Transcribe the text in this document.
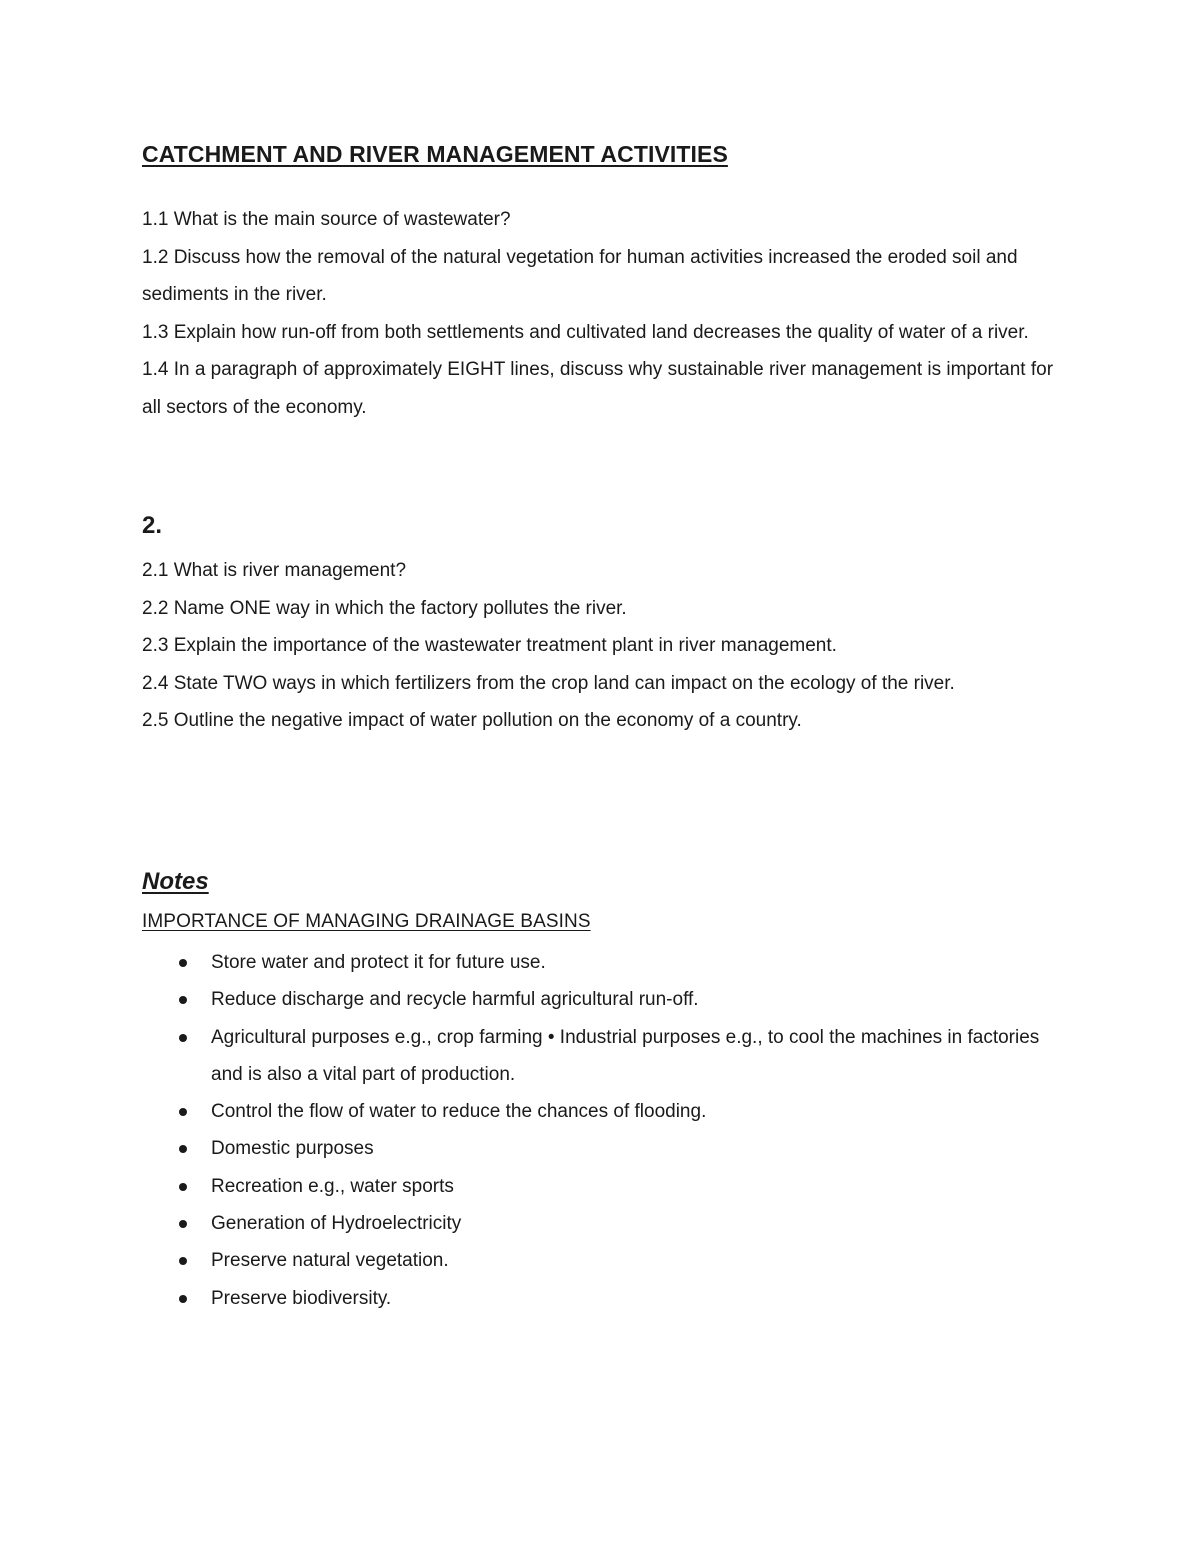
CATCHMENT AND RIVER MANAGEMENT ACTIVITIES

1.1 What is the main source of wastewater?

1.2 Discuss how the removal of the natural vegetation for human activities increased the eroded soil and sediments in the river.

1.3 Explain how run-off from both settlements and cultivated land decreases the quality of water of a river.

1.4 In a paragraph of approximately EIGHT lines, discuss why sustainable river management is important for all sectors of the economy.

2.

2.1 What is river management?

2.2 Name ONE way in which the factory pollutes the river.

2.3 Explain the importance of the wastewater treatment plant in river management.

2.4 State TWO ways in which fertilizers from the crop land can impact on the ecology of the river.

2.5 Outline the negative impact of water pollution on the economy of a country.

Notes
IMPORTANCE OF MANAGING DRAINAGE BASINS
Store water and protect it for future use.
Reduce discharge and recycle harmful agricultural run-off.
Agricultural purposes e.g., crop farming • Industrial purposes e.g., to cool the machines in factories and is also a vital part of production.
Control the flow of water to reduce the chances of flooding.
Domestic purposes
Recreation e.g., water sports
Generation of Hydroelectricity
Preserve natural vegetation.
Preserve biodiversity.
